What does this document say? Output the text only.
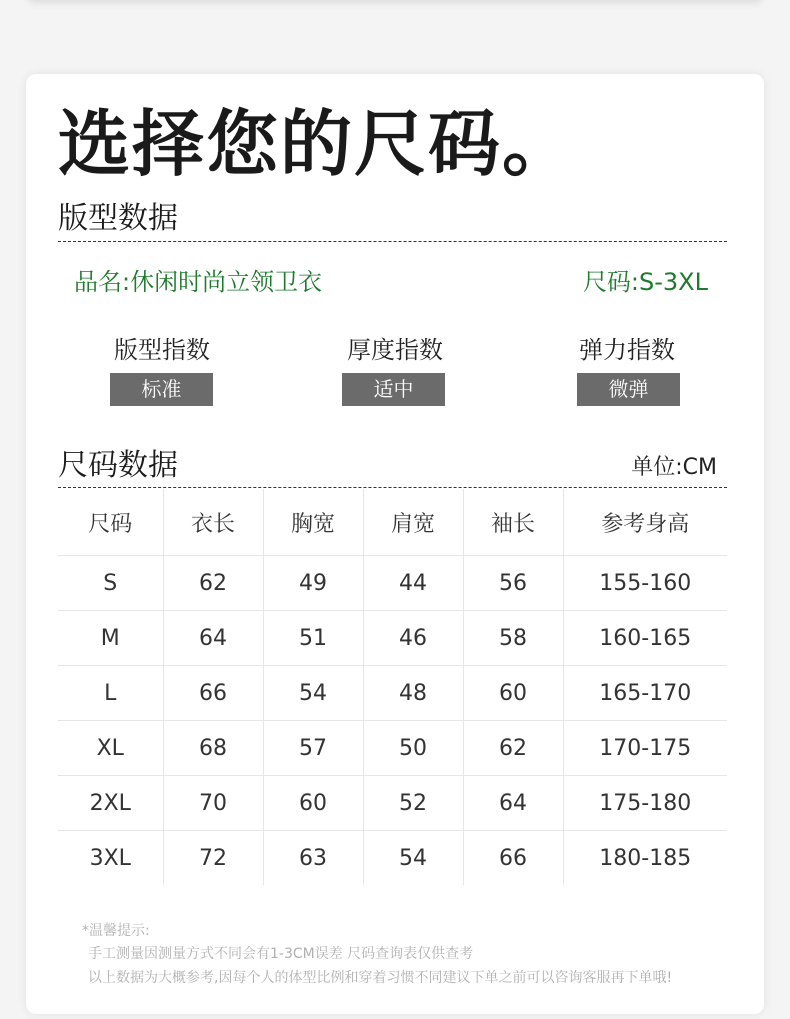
选择您的尺码。
版型数据
品名:休闲时尚立领卫衣	尺码:S-3XL
版型指数
标准
厚度指数
适中
弹力指数
微弹
尺码数据	单位:CM
尺码	衣长	胸宽	肩宽	袖长	参考身高
S	62	49	44	56	155-160
M	64	51	46	58	160-165
L	66	54	48	60	165-170
XL	68	57	50	62	170-175
2XL	70	60	52	64	175-180
3XL	72	63	54	66	180-185
*温馨提示:
手工测量因测量方式不同会有1-3CM误差 尺码查询表仅供查考
以上数据为大概参考,因每个人的体型比例和穿着习惯不同建议下单之前可以咨询客服再下单哦!
